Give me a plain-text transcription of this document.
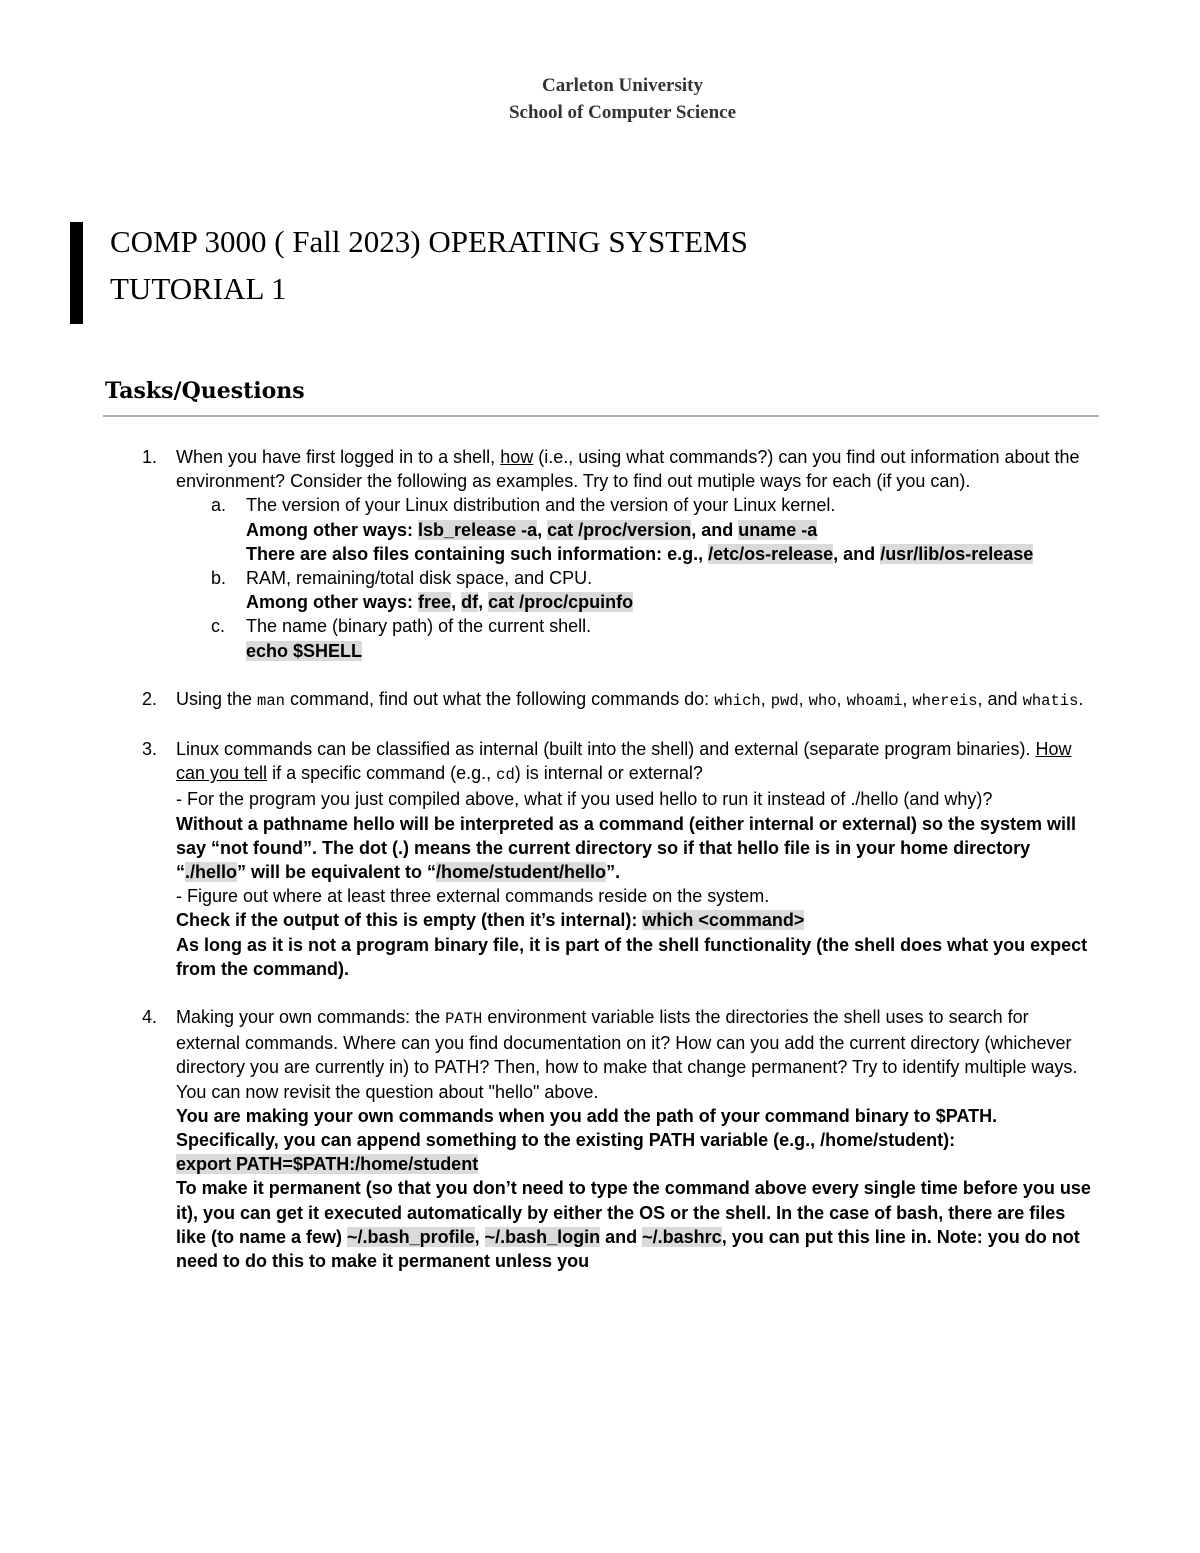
Carleton University
School of Computer Science
COMP 3000 ( Fall 2023) OPERATING SYSTEMS
TUTORIAL 1
Tasks/Questions
1. When you have first logged in to a shell, how (i.e., using what commands?) can you find out information about the environment? Consider the following as examples. Try to find out mutiple ways for each (if you can).
a. The version of your Linux distribution and the version of your Linux kernel.
Among other ways: lsb_release -a, cat /proc/version, and uname -a
There are also files containing such information: e.g., /etc/os-release, and /usr/lib/os-release
b. RAM, remaining/total disk space, and CPU.
Among other ways: free, df, cat /proc/cpuinfo
c. The name (binary path) of the current shell.
echo $SHELL
2. Using the man command, find out what the following commands do: which, pwd, who, whoami, whereis, and whatis.
3. Linux commands can be classified as internal (built into the shell) and external (separate program binaries). How can you tell if a specific command (e.g., cd) is internal or external?
- For the program you just compiled above, what if you used hello to run it instead of ./hello (and why)?
Without a pathname hello will be interpreted as a command (either internal or external) so the system will say “not found”. The dot (.) means the current directory so if that hello file is in your home directory “./hello” will be equivalent to “/home/student/hello”.
- Figure out where at least three external commands reside on the system.
Check if the output of this is empty (then it’s internal): which <command>
As long as it is not a program binary file, it is part of the shell functionality (the shell does what you expect from the command).
4. Making your own commands: the PATH environment variable lists the directories the shell uses to search for external commands. Where can you find documentation on it? How can you add the current directory (whichever directory you are currently in) to PATH? Then, how to make that change permanent? Try to identify multiple ways. You can now revisit the question about "hello" above.
You are making your own commands when you add the path of your command binary to $PATH. Specifically, you can append something to the existing PATH variable (e.g., /home/student):
export PATH=$PATH:/home/student
To make it permanent (so that you don’t need to type the command above every single time before you use it), you can get it executed automatically by either the OS or the shell. In the case of bash, there are files like (to name a few) ~/.bash_profile, ~/.bash_login and ~/.bashrc, you can put this line in. Note: you do not need to do this to make it permanent unless you
